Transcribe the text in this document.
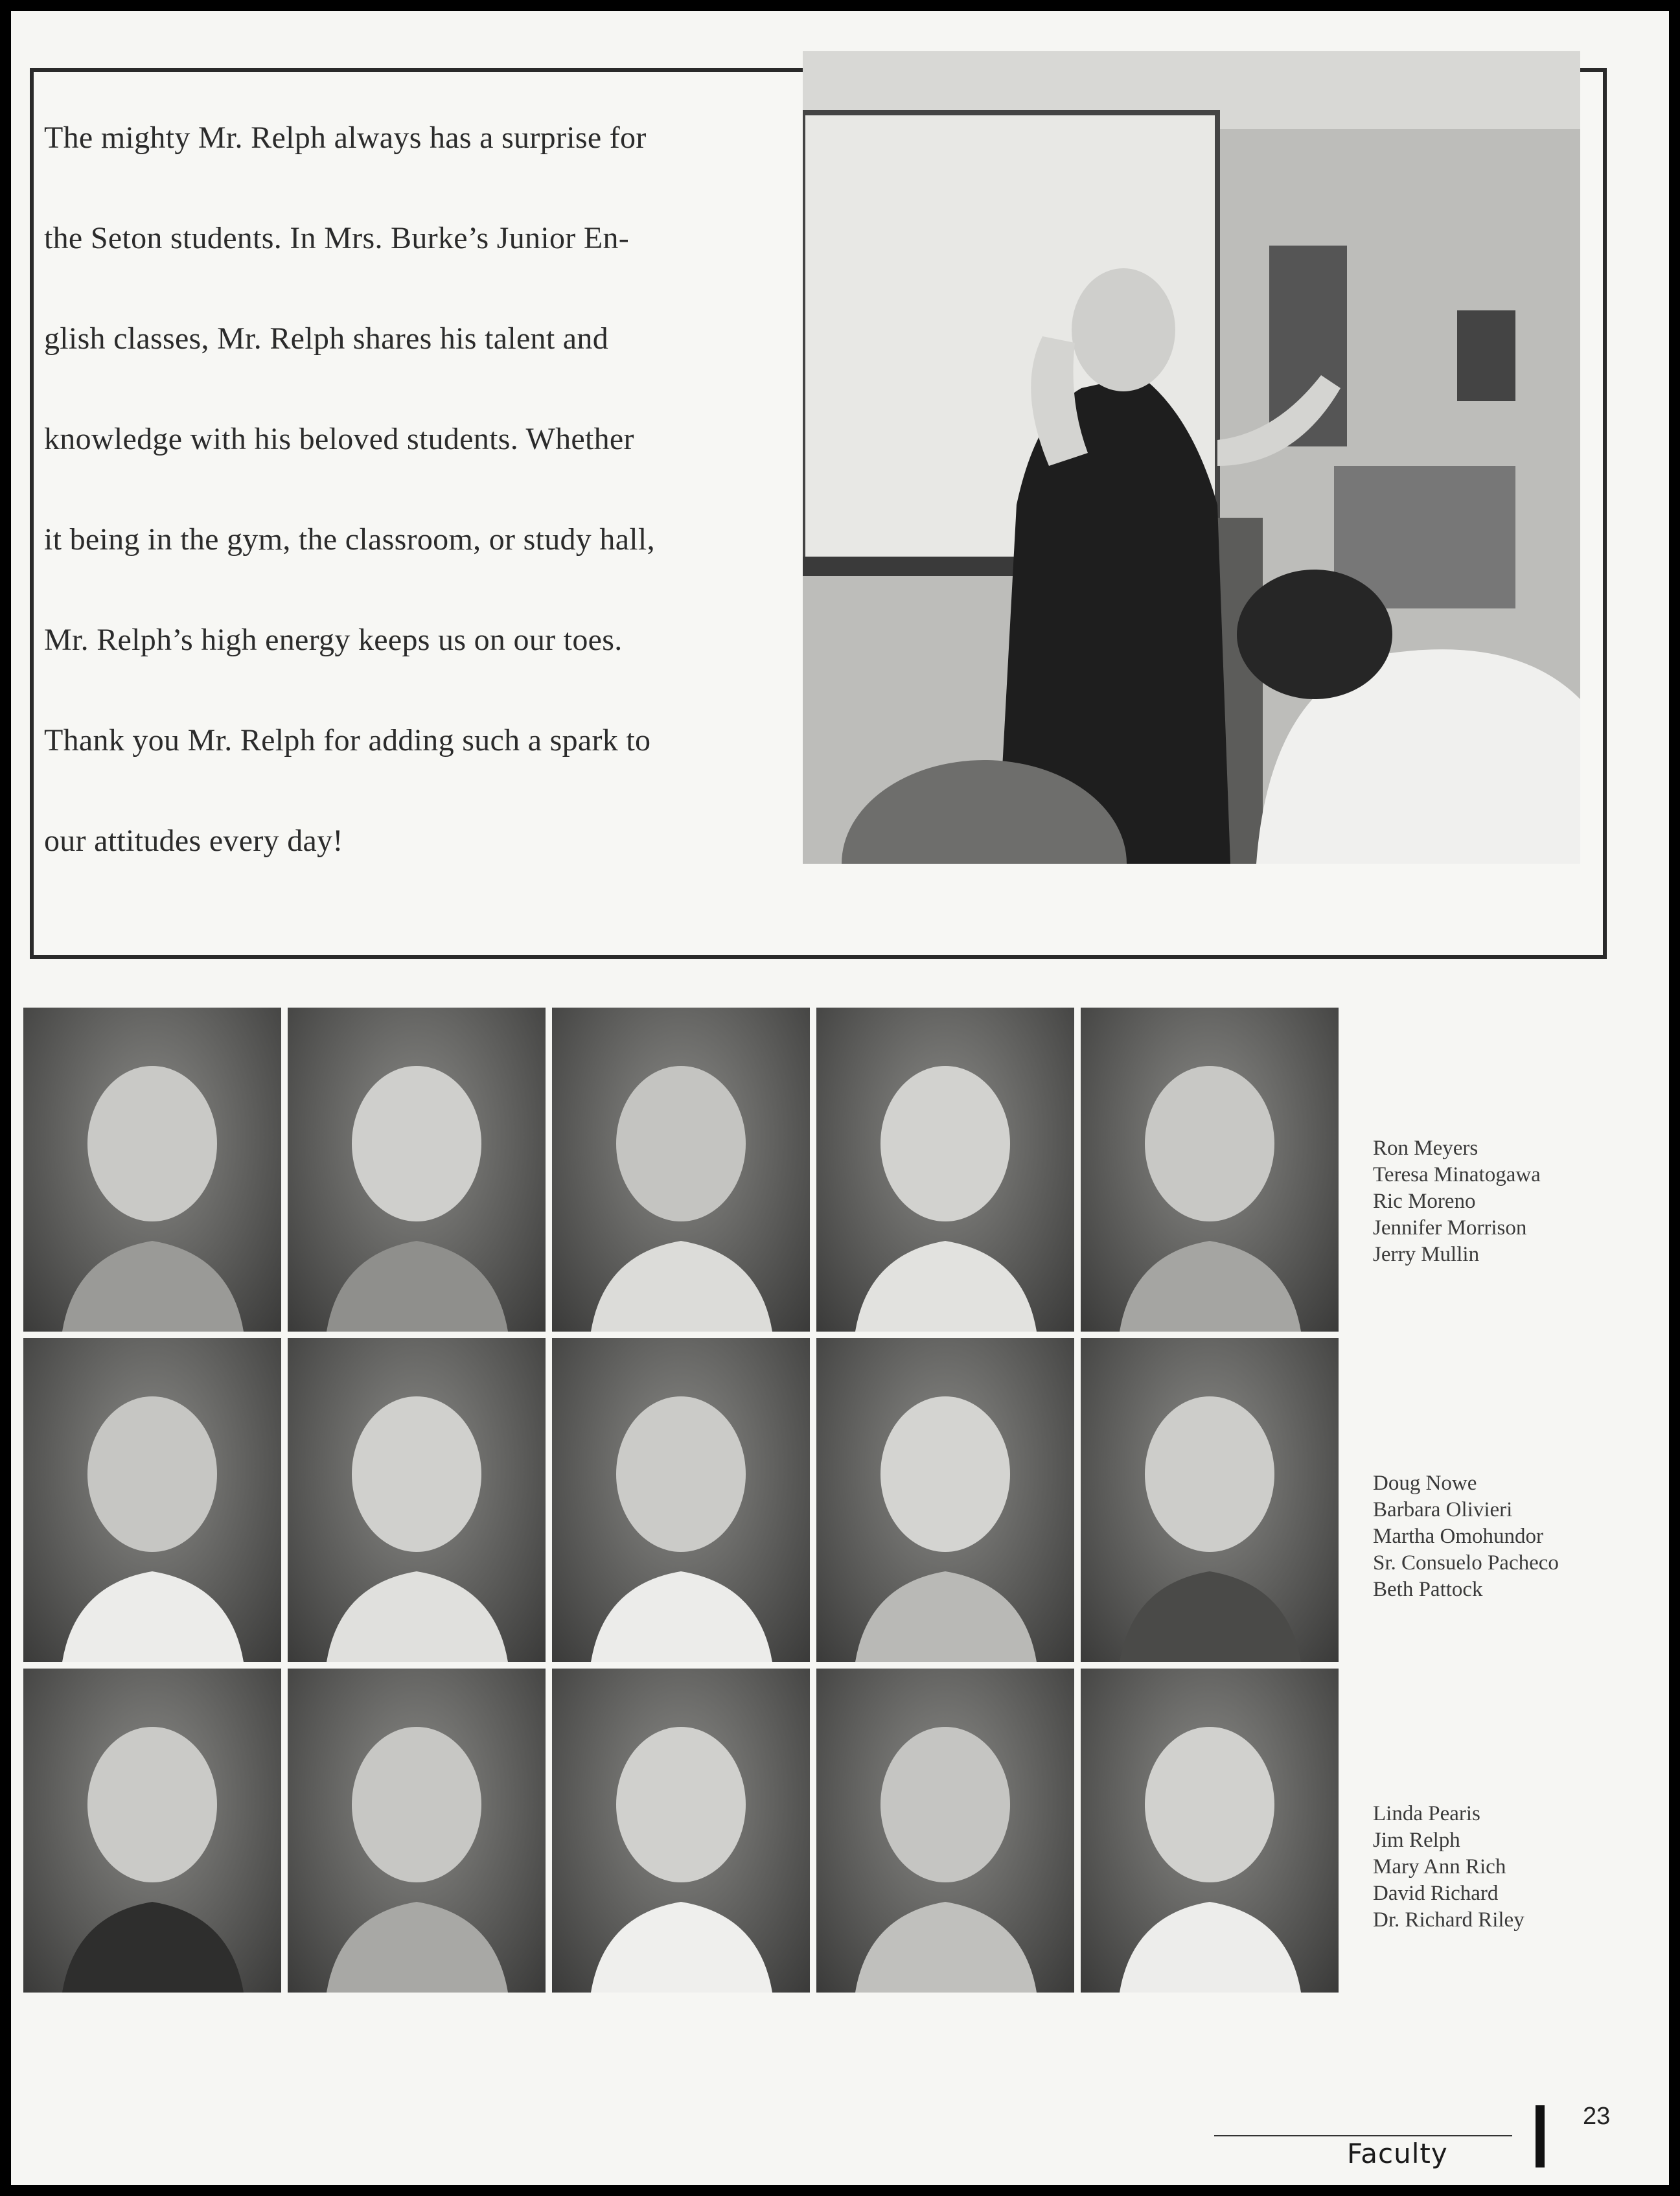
The mighty Mr. Relph always has a surprise for
the Seton students. In Mrs. Burke’s Junior En-
glish classes, Mr. Relph shares his talent and
knowledge with his beloved students. Whether
it being in the gym, the classroom, or study hall,
Mr. Relph’s high energy keeps us on our toes.
Thank you Mr. Relph for adding such a spark to
our attitudes every day!
Ron Meyers
Teresa Minatogawa
Ric Moreno
Jennifer Morrison
Jerry Mullin
Doug Nowe
Barbara Olivieri
Martha Omohundor
Sr. Consuelo Pacheco
Beth Pattock
Linda Pearis
Jim Relph
Mary Ann Rich
David Richard
Dr. Richard Riley
Faculty
23
